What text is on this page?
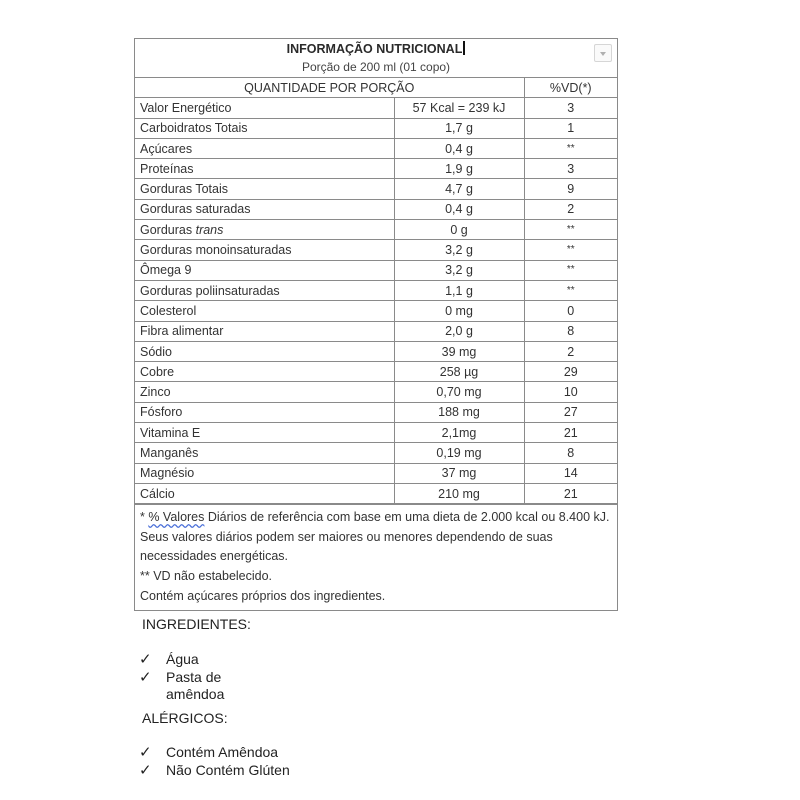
INFORMAÇÃO NUTRICIONAL
Porção de 200 ml (01 copo)
QUANTIDADE POR PORÇÃO		%VD(*)
Valor Energético	57 Kcal = 239 kJ	3
Carboidratos Totais	1,7 g	1
Açúcares	0,4 g	**
Proteínas	1,9 g	3
Gorduras Totais	4,7 g	9
Gorduras saturadas	0,4 g	2
Gorduras trans	0 g	**
Gorduras monoinsaturadas	3,2 g	**
Ômega 9	3,2 g	**
Gorduras poliinsaturadas	1,1 g	**
Colesterol	0 mg	0
Fibra alimentar	2,0 g	8
Sódio	39 mg	2
Cobre	258 µg	29
Zinco	0,70 mg	10
Fósforo	188 mg	27
Vitamina E	2,1mg	21
Manganês	0,19 mg	8
Magnésio	37 mg	14
Cálcio	210 mg	21
* % Valores Diários de referência com base em uma dieta de 2.000 kcal ou 8.400 kJ. Seus valores diários podem ser maiores ou menores dependendo de suas necessidades energéticas.
** VD não estabelecido.
Contém açúcares próprios dos ingredientes.
INGREDIENTES:
✓ Água
✓ Pasta de amêndoa
ALÉRGICOS:
✓ Contém Amêndoa
✓ Não Contém Glúten
